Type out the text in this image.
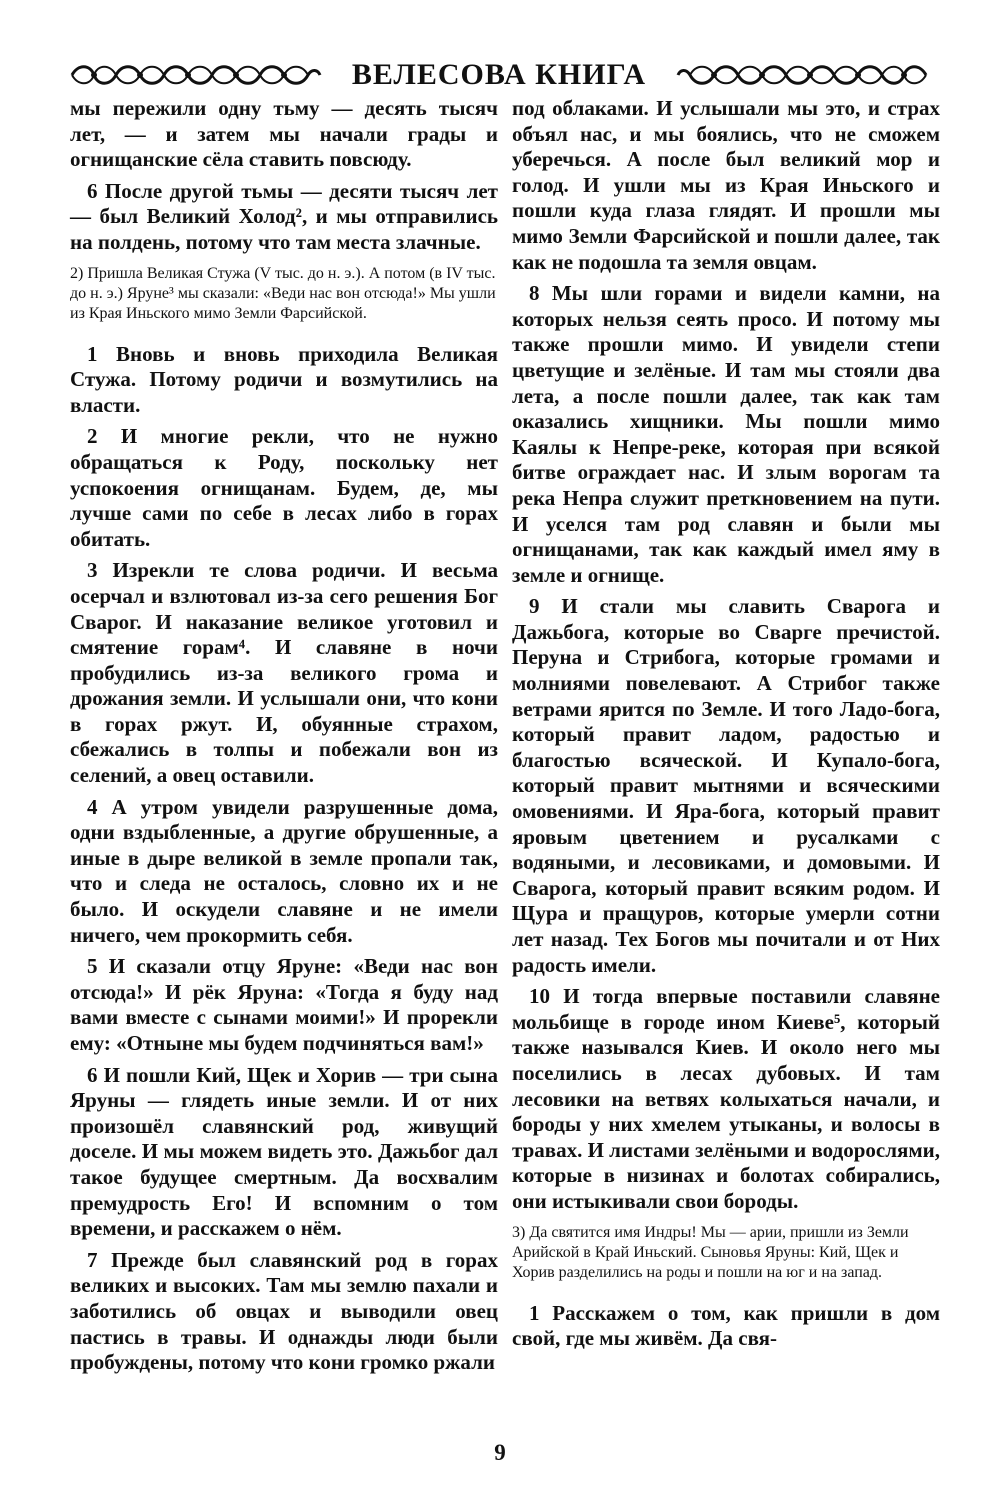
ВЕЛЕСОВА КНИГА

мы пережили одну тьму — десять тысяч лет, — и затем мы начали грады и огнищанские сёла ставить повсюду.

6 После другой тьмы — десяти тысяч лет — был Великий Холод², и мы отправились на полдень, потому что там места злачные.

2) Пришла Великая Стужа (V тыс. до н. э.). А потом (в IV тыс. до н. э.) Яруне³ мы сказали: «Веди нас вон отсюда!» Мы ушли из Края Иньского мимо Земли Фарсийской.

1 Вновь и вновь приходила Великая Стужа. Потому родичи и возмутились на власти.

2 И многие рекли, что не нужно обращаться к Роду, поскольку нет успокоения огнищанам. Будем, де, мы лучше сами по себе в лесах либо в горах обитать.

3 Изрекли те слова родичи. И весьма осерчал и взлютовал из-за сего решения Бог Сварог. И наказание великое уготовил и смятение горам⁴. И славяне в ночи пробудились из-за великого грома и дрожания земли. И услышали они, что кони в горах ржут. И, обуянные страхом, сбежались в толпы и побежали вон из селений, а овец оставили.

4 А утром увидели разрушенные дома, одни вздыбленные, а другие обрушенные, а иные в дыре великой в земле пропали так, что и следа не осталось, словно их и не было. И оскудели славяне и не имели ничего, чем прокормить себя.

5 И сказали отцу Яруне: «Веди нас вон отсюда!» И рёк Яруна: «Тогда я буду над вами вместе с сынами моими!» И прорекли ему: «Отныне мы будем подчиняться вам!»

6 И пошли Кий, Щек и Хорив — три сына Яруны — глядеть иные земли. И от них произошёл славянский род, живущий доселе. И мы можем видеть это. Дажьбог дал такое будущее смертным. Да восхвалим премудрость Его! И вспомним о том времени, и расскажем о нём.

7 Прежде был славянский род в горах великих и высоких. Там мы землю пахали и заботились об овцах и выводили овец пастись в травы. И однажды люди были пробуждены, потому что кони громко ржали

под облаками. И услышали мы это, и страх объял нас, и мы боялись, что не сможем уберечься. А после был великий мор и голод. И ушли мы из Края Иньского и пошли куда глаза глядят. И прошли мы мимо Земли Фарсийской и пошли далее, так как не подошла та земля овцам.

8 Мы шли горами и видели камни, на которых нельзя сеять просо. И потому мы также прошли мимо. И увидели степи цветущие и зелёные. И там мы стояли два лета, а после пошли далее, так как там оказались хищники. Мы пошли мимо Каялы к Непре-реке, которая при всякой битве ограждает нас. И злым ворогам та река Непра служит преткновением на пути. И уселся там род славян и были мы огнищанами, так как каждый имел яму в земле и огнище.

9 И стали мы славить Сварога и Дажьбога, которые во Сварге пречистой. Перуна и Стрибога, которые громами и молниями повелевают. А Стрибог также ветрами ярится по Земле. И того Ладо-бога, который правит ладом, радостью и благостью всяческой. И Купало-бога, который правит мытнями и всяческими омовениями. И Яра-бога, который правит яровым цветением и русалками с водяными, и лесовиками, и домовыми. И Сварога, который правит всяким родом. И Щура и пращуров, которые умерли сотни лет назад. Тех Богов мы почитали и от Них радость имели.

10 И тогда впервые поставили славяне мольбище в городе ином Киеве⁵, который также назывался Киев. И около него мы поселились в лесах дубовых. И там лесовики на ветвях колыхаться начали, и бороды у них хмелем утыканы, и волосы в травах. И листами зелёными и водорослями, которые в низинах и болотах собирались, они истыкивали свои бороды.

3) Да святится имя Индры! Мы — арии, пришли из Земли Арийской в Край Иньский. Сыновья Яруны: Кий, Щек и Хорив разделились на роды и пошли на юг и на запад.

1 Расскажем о том, как пришли в дом свой, где мы живём. Да свя-

9
